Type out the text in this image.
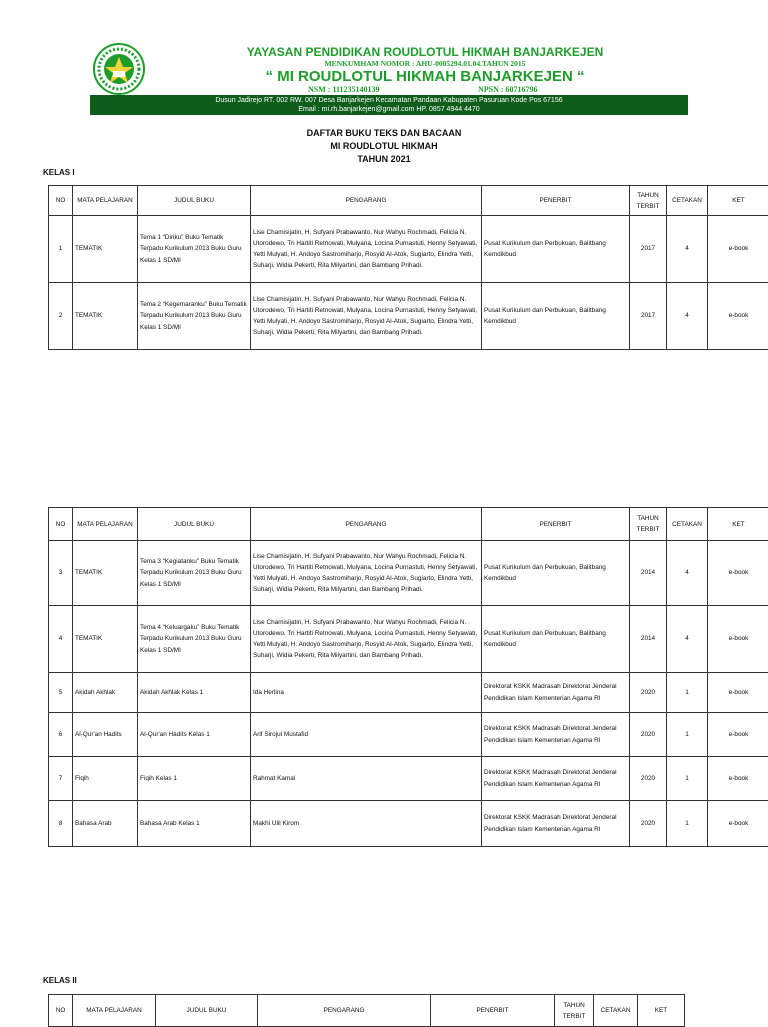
YAYASAN PENDIDIKAN ROUDLOTUL HIKMAH BANJARKEJEN
MENKUMHAM NOMOR : AHU-0005294.01.04.TAHUN 2015
“ MI ROUDLOTUL HIKMAH BANJARKEJEN “
NSM : 111235140139	NPSN : 60716796
Dusun Jadirejo RT. 002 RW. 007 Desa Banjarkejen Kecamatan Pandaan Kabupaten Pasuruan Kode Pos 67156
Email : mi.rh.banjarkejen@gmail.com HP. 0857 4944 4470
DAFTAR BUKU TEKS DAN BACAAN
MI ROUDLOTUL HIKMAH
TAHUN 2021
KELAS I
NO	MATA PELAJARAN	JUDUL BUKU	PENGARANG	PENERBIT	TAHUN TERBIT	CETAKAN	KET
1	TEMATIK	Tema 1 “Diriku” Buku Tematik Terpadu Kurikulum 2013 Buku Guru Kelas 1 SD/MI	Lise Chamisijatin, H. Sufyani Prabawanto, Nur Wahyu Rochmadi, Felicia N. Utorodewo, Tri Hartiti Retnowati, Mulyana, Locina Purnastuti, Henny Setyawati, Yetti Mulyati, H. Andoyo Sastromiharjo, Rosyid Al-Atok, Sugiarto, Elindra Yetti, Suharji, Widia Pekerti, Rita Milyartini, dan Bambang Prihadi.	Pusat Kurikulum dan Perbukuan, Balitbang Kemdikbud	2017	4	e-book
2	TEMATIK	Tema 2 “Kegemaranku” Buku Tematik Terpadu Kurikulum 2013 Buku Guru Kelas 1 SD/MI	Lise Chamisijatin, H. Sufyani Prabawanto, Nur Wahyu Rochmadi, Felicia N. Utorodewo, Tri Hartiti Retnowati, Mulyana, Locina Purnastuti, Henny Setyawati, Yetti Mulyati, H. Andoyo Sastromiharjo, Rosyid Al-Atok, Sugiarto, Elindra Yetti, Suharji, Widia Pekerti, Rita Milyartini, dan Bambang Prihadi.	Pusat Kurikulum dan Perbukuan, Balitbang Kemdikbud	2017	4	e-book
NO	MATA PELAJARAN	JUDUL BUKU	PENGARANG	PENERBIT	TAHUN TERBIT	CETAKAN	KET
3	TEMATIK	Tema 3 “Kegiatanku” Buku Tematik Terpadu Kurikulum 2013 Buku Guru Kelas 1 SD/MI	Lise Chamisijatin, H. Sufyani Prabawanto, Nur Wahyu Rochmadi, Felicia N. Utorodewo, Tri Hartiti Retnowati, Mulyana, Locina Purnastuti, Henny Setyawati, Yetti Mulyati, H. Andoyo Sastromiharjo, Rosyid Al-Atok, Sugiarto, Elindra Yetti, Suharji, Widia Pekerti, Rita Milyartini, dan Bambang Prihadi.	Pusat Kurikulum dan Perbukuan, Balitbang Kemdikbud	2014	4	e-book
4	TEMATIK	Tema 4 “Keluargaku” Buku Tematik Terpadu Kurikulum 2013 Buku Guru Kelas 1 SD/MI	Lise Chamisijatin, H. Sufyani Prabawanto, Nur Wahyu Rochmadi, Felicia N. Utorodewo, Tri Hartiti Retnowati, Mulyana, Locina Purnastuti, Henny Setyawati, Yetti Mulyati, H. Andoyo Sastromiharjo, Rosyid Al-Atok, Sugiarto, Elindra Yetti, Suharji, Widia Pekerti, Rita Milyartini, dan Bambang Prihadi.	Pusat Kurikulum dan Perbukuan, Balitbang Kemdikbud	2014	4	e-book
5	Akidah Akhlak	Akidah Akhlak Kelas 1	Ida Herlina	Direktorat KSKK Madrasah Direktorat Jenderal Pendidikan Islam Kementerian Agama RI	2020	1	e-book
6	Al-Qur'an Hadits	Al-Qur'an Hadits Kelas 1	Arif Sirojul Mustafid	Direktorat KSKK Madrasah Direktorat Jenderal Pendidikan Islam Kementerian Agama RI	2020	1	e-book
7	Fiqih	Fiqih Kelas 1	Rahmat Kamal	Direktorat KSKK Madrasah Direktorat Jenderal Pendidikan Islam Kementerian Agama RI	2020	1	e-book
8	Bahasa Arab	Bahasa Arab Kelas 1	Makhi Ulil Kirom	Direktorat KSKK Madrasah Direktorat Jenderal Pendidikan Islam Kementerian Agama RI	2020	1	e-book
KELAS II
NO	MATA PELAJARAN	JUDUL BUKU	PENGARANG	PENERBIT	TAHUN TERBIT	CETAKAN	KET
